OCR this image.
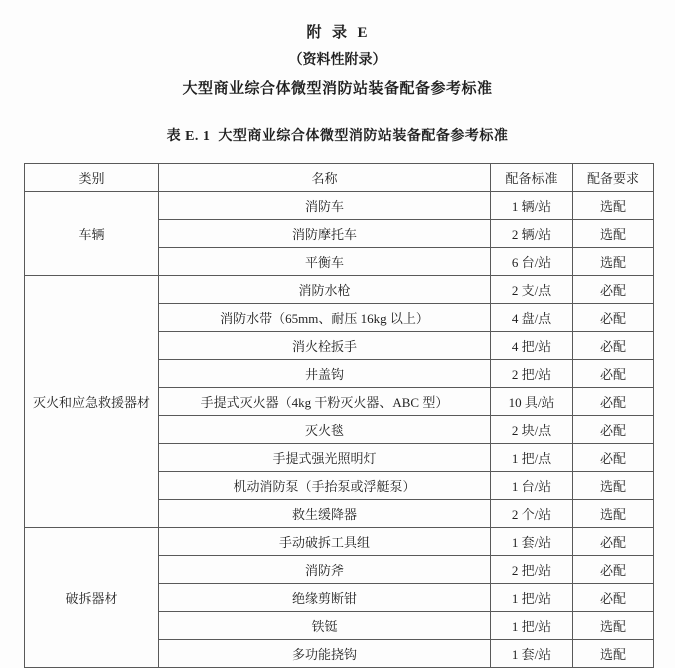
附  录  E
（资料性附录）
大型商业综合体微型消防站装备配备参考标准
表 E. 1  大型商业综合体微型消防站装备配备参考标准
类别	名称	配备标准	配备要求
车辆	消防车	1 辆/站	选配
	消防摩托车	2 辆/站	选配
	平衡车	6 台/站	选配
灭火和应急救援器材	消防水枪	2 支/点	必配
	消防水带（65mm、耐压 16kg 以上）	4 盘/点	必配
	消火栓扳手	4 把/站	必配
	井盖钩	2 把/站	必配
	手提式灭火器（4kg 干粉灭火器、ABC 型）	10 具/站	必配
	灭火毯	2 块/点	必配
	手提式强光照明灯	1 把/点	必配
	机动消防泵（手抬泵或浮艇泵）	1 台/站	选配
	救生缓降器	2 个/站	选配
破拆器材	手动破拆工具组	1 套/站	必配
	消防斧	2 把/站	必配
	绝缘剪断钳	1 把/站	必配
	铁铤	1 把/站	选配
	多功能挠钩	1 套/站	选配
